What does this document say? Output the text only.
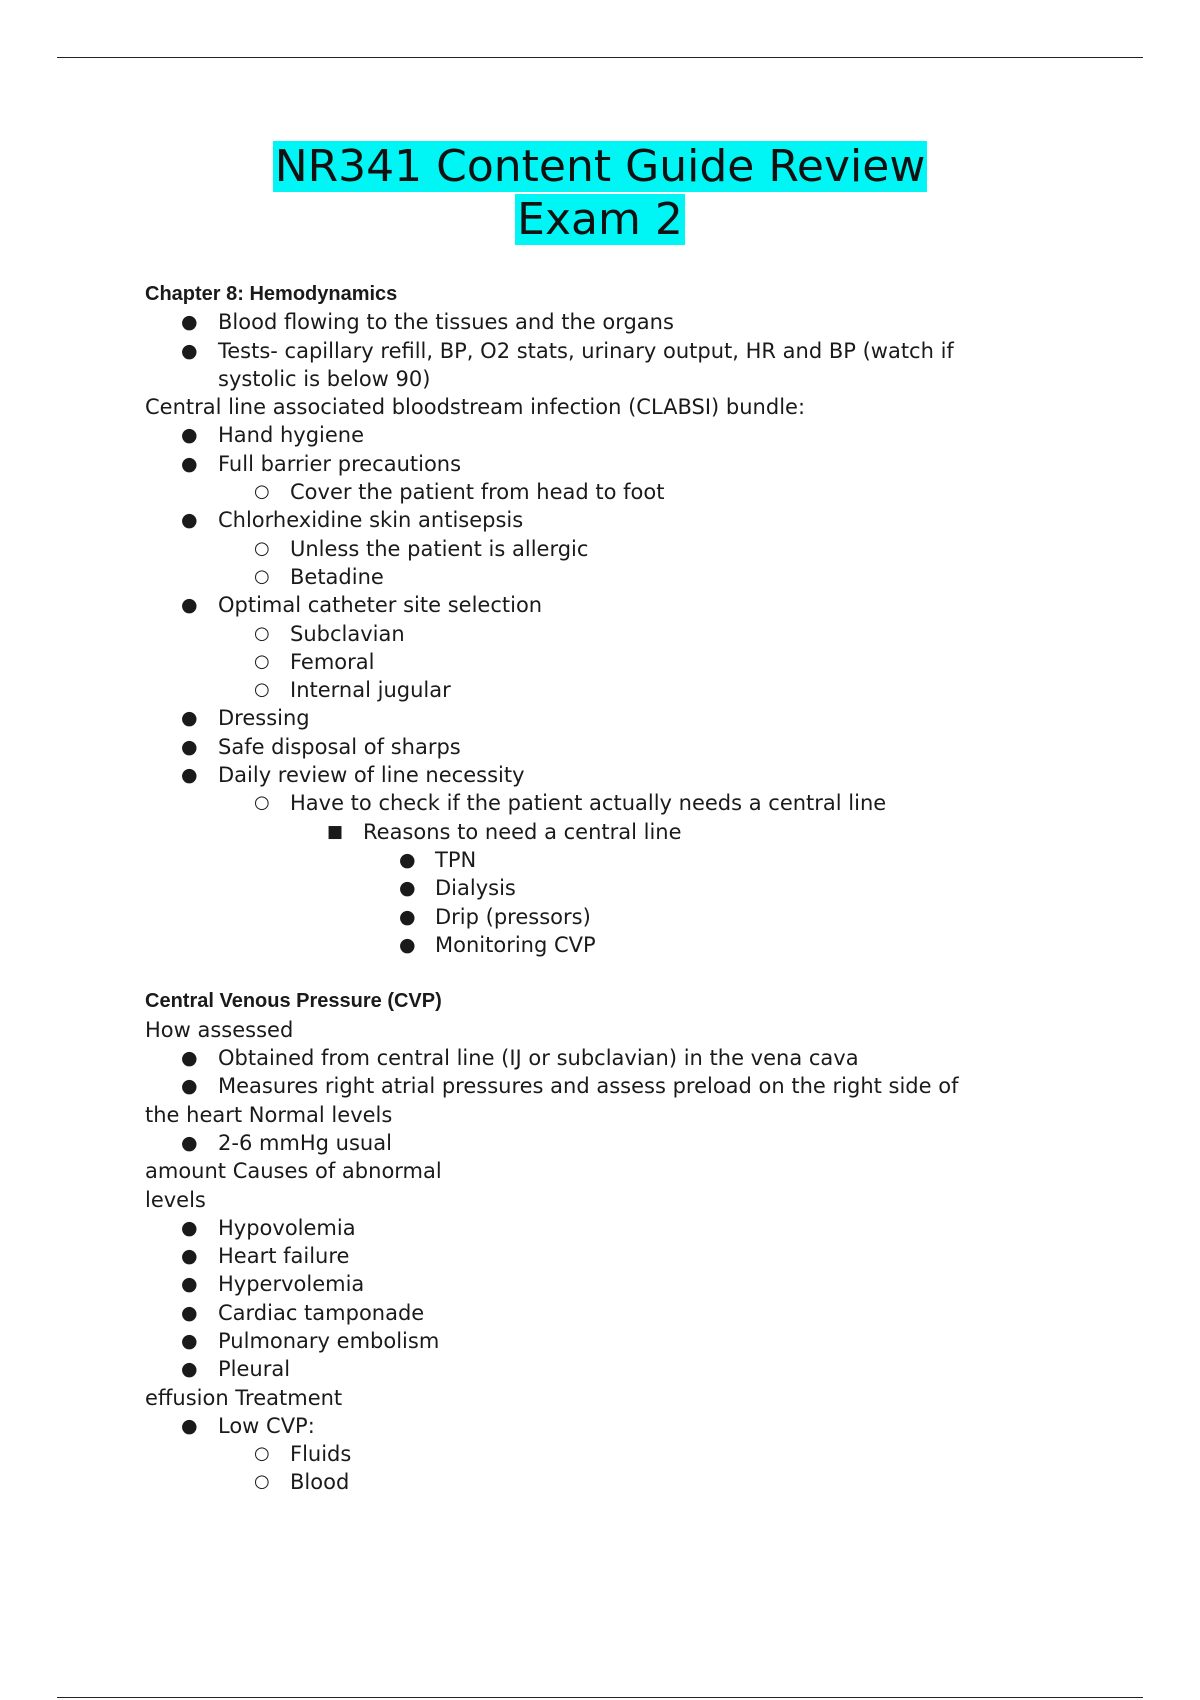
NR341 Content Guide Review
Exam 2
Chapter 8: Hemodynamics
● Blood flowing to the tissues and the organs
● Tests- capillary refill, BP, O2 stats, urinary output, HR and BP (watch if
systolic is below 90)
Central line associated bloodstream infection (CLABSI) bundle:
● Hand hygiene
● Full barrier precautions
○ Cover the patient from head to foot
● Chlorhexidine skin antisepsis
○ Unless the patient is allergic
○ Betadine
● Optimal catheter site selection
○ Subclavian
○ Femoral
○ Internal jugular
● Dressing
● Safe disposal of sharps
● Daily review of line necessity
○ Have to check if the patient actually needs a central line
■ Reasons to need a central line
● TPN
● Dialysis
● Drip (pressors)
● Monitoring CVP
Central Venous Pressure (CVP)
How assessed
● Obtained from central line (IJ or subclavian) in the vena cava
● Measures right atrial pressures and assess preload on the right side of
the heart Normal levels
● 2-6 mmHg usual
amount Causes of abnormal
levels
● Hypovolemia
● Heart failure
● Hypervolemia
● Cardiac tamponade
● Pulmonary embolism
● Pleural
effusion Treatment
● Low CVP:
○ Fluids
○ Blood
